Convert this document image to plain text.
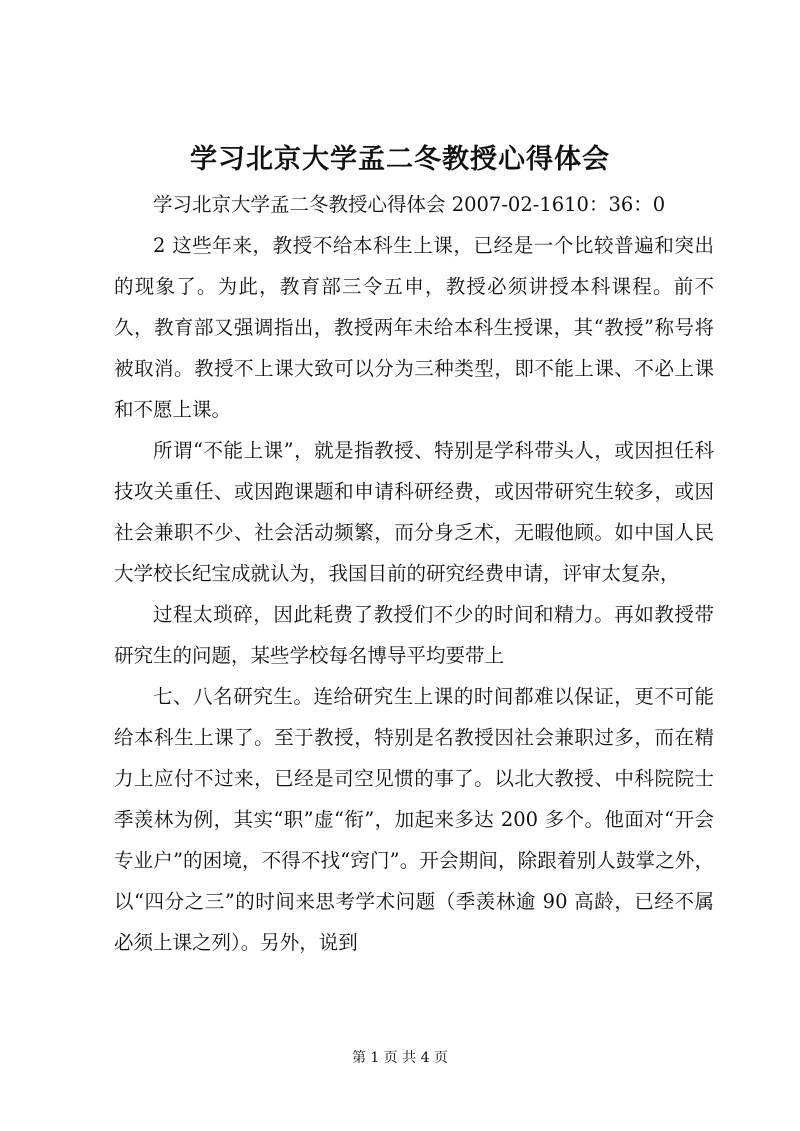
学习北京大学孟二冬教授心得体会

学习北京大学孟二冬教授心得体会 2007-02-1610：36：0

2 这些年来，教授不给本科生上课，已经是一个比较普遍和突出的现象了。为此，教育部三令五申，教授必须讲授本科课程。前不久，教育部又强调指出，教授两年未给本科生授课，其“教授”称号将被取消。教授不上课大致可以分为三种类型，即不能上课、不必上课和不愿上课。

所谓“不能上课”，就是指教授、特别是学科带头人，或因担任科技攻关重任、或因跑课题和申请科研经费，或因带研究生较多，或因社会兼职不少、社会活动频繁，而分身乏术，无暇他顾。如中国人民大学校长纪宝成就认为，我国目前的研究经费申请，评审太复杂，

过程太琐碎，因此耗费了教授们不少的时间和精力。再如教授带研究生的问题，某些学校每名博导平均要带上

七、八名研究生。连给研究生上课的时间都难以保证，更不可能给本科生上课了。至于教授，特别是名教授因社会兼职过多，而在精力上应付不过来，已经是司空见惯的事了。以北大教授、中科院院士季羡林为例，其实“职”虚“衔”，加起来多达 200 多个。他面对“开会专业户”的困境，不得不找“窍门”。开会期间，除跟着别人鼓掌之外，以“四分之三”的时间来思考学术问题（季羡林逾 90 高龄，已经不属必须上课之列）。另外，说到

第 1 页 共 4 页
